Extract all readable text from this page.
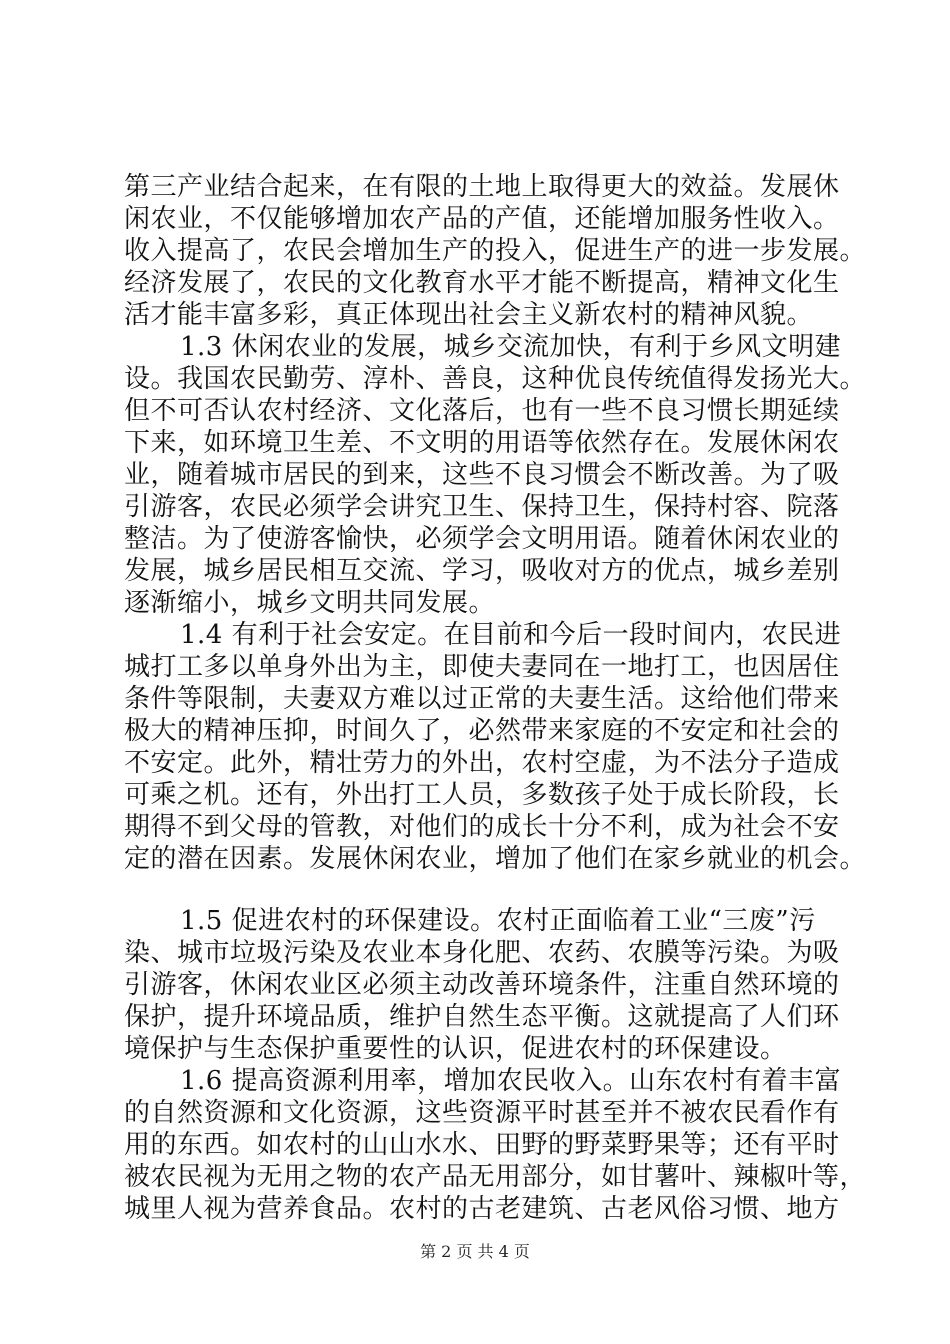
第三产业结合起来，在有限的土地上取得更大的效益。发展休
闲农业，不仅能够增加农产品的产值，还能增加服务性收入。
收入提高了，农民会增加生产的投入，促进生产的进一步发展。
经济发展了，农民的文化教育水平才能不断提高，精神文化生
活才能丰富多彩，真正体现出社会主义新农村的精神风貌。
1.3 休闲农业的发展，城乡交流加快，有利于乡风文明建
设。我国农民勤劳、淳朴、善良，这种优良传统值得发扬光大。
但不可否认农村经济、文化落后，也有一些不良习惯长期延续
下来，如环境卫生差、不文明的用语等依然存在。发展休闲农
业，随着城市居民的到来，这些不良习惯会不断改善。为了吸
引游客，农民必须学会讲究卫生、保持卫生，保持村容、院落
整洁。为了使游客愉快，必须学会文明用语。随着休闲农业的
发展，城乡居民相互交流、学习，吸收对方的优点，城乡差别
逐渐缩小，城乡文明共同发展。
1.4 有利于社会安定。在目前和今后一段时间内，农民进
城打工多以单身外出为主，即使夫妻同在一地打工，也因居住
条件等限制，夫妻双方难以过正常的夫妻生活。这给他们带来
极大的精神压抑，时间久了，必然带来家庭的不安定和社会的
不安定。此外，精壮劳力的外出，农村空虚，为不法分子造成
可乘之机。还有，外出打工人员，多数孩子处于成长阶段，长
期得不到父母的管教，对他们的成长十分不利，成为社会不安
定的潜在因素。发展休闲农业，增加了他们在家乡就业的机会。
1.5 促进农村的环保建设。农村正面临着工业“三废”污
染、城市垃圾污染及农业本身化肥、农药、农膜等污染。为吸
引游客，休闲农业区必须主动改善环境条件，注重自然环境的
保护，提升环境品质，维护自然生态平衡。这就提高了人们环
境保护与生态保护重要性的认识，促进农村的环保建设。
1.6 提高资源利用率，增加农民收入。山东农村有着丰富
的自然资源和文化资源，这些资源平时甚至并不被农民看作有
用的东西。如农村的山山水水、田野的野菜野果等；还有平时
被农民视为无用之物的农产品无用部分，如甘薯叶、辣椒叶等，
城里人视为营养食品。农村的古老建筑、古老风俗习惯、地方
第 2 页 共 4 页
